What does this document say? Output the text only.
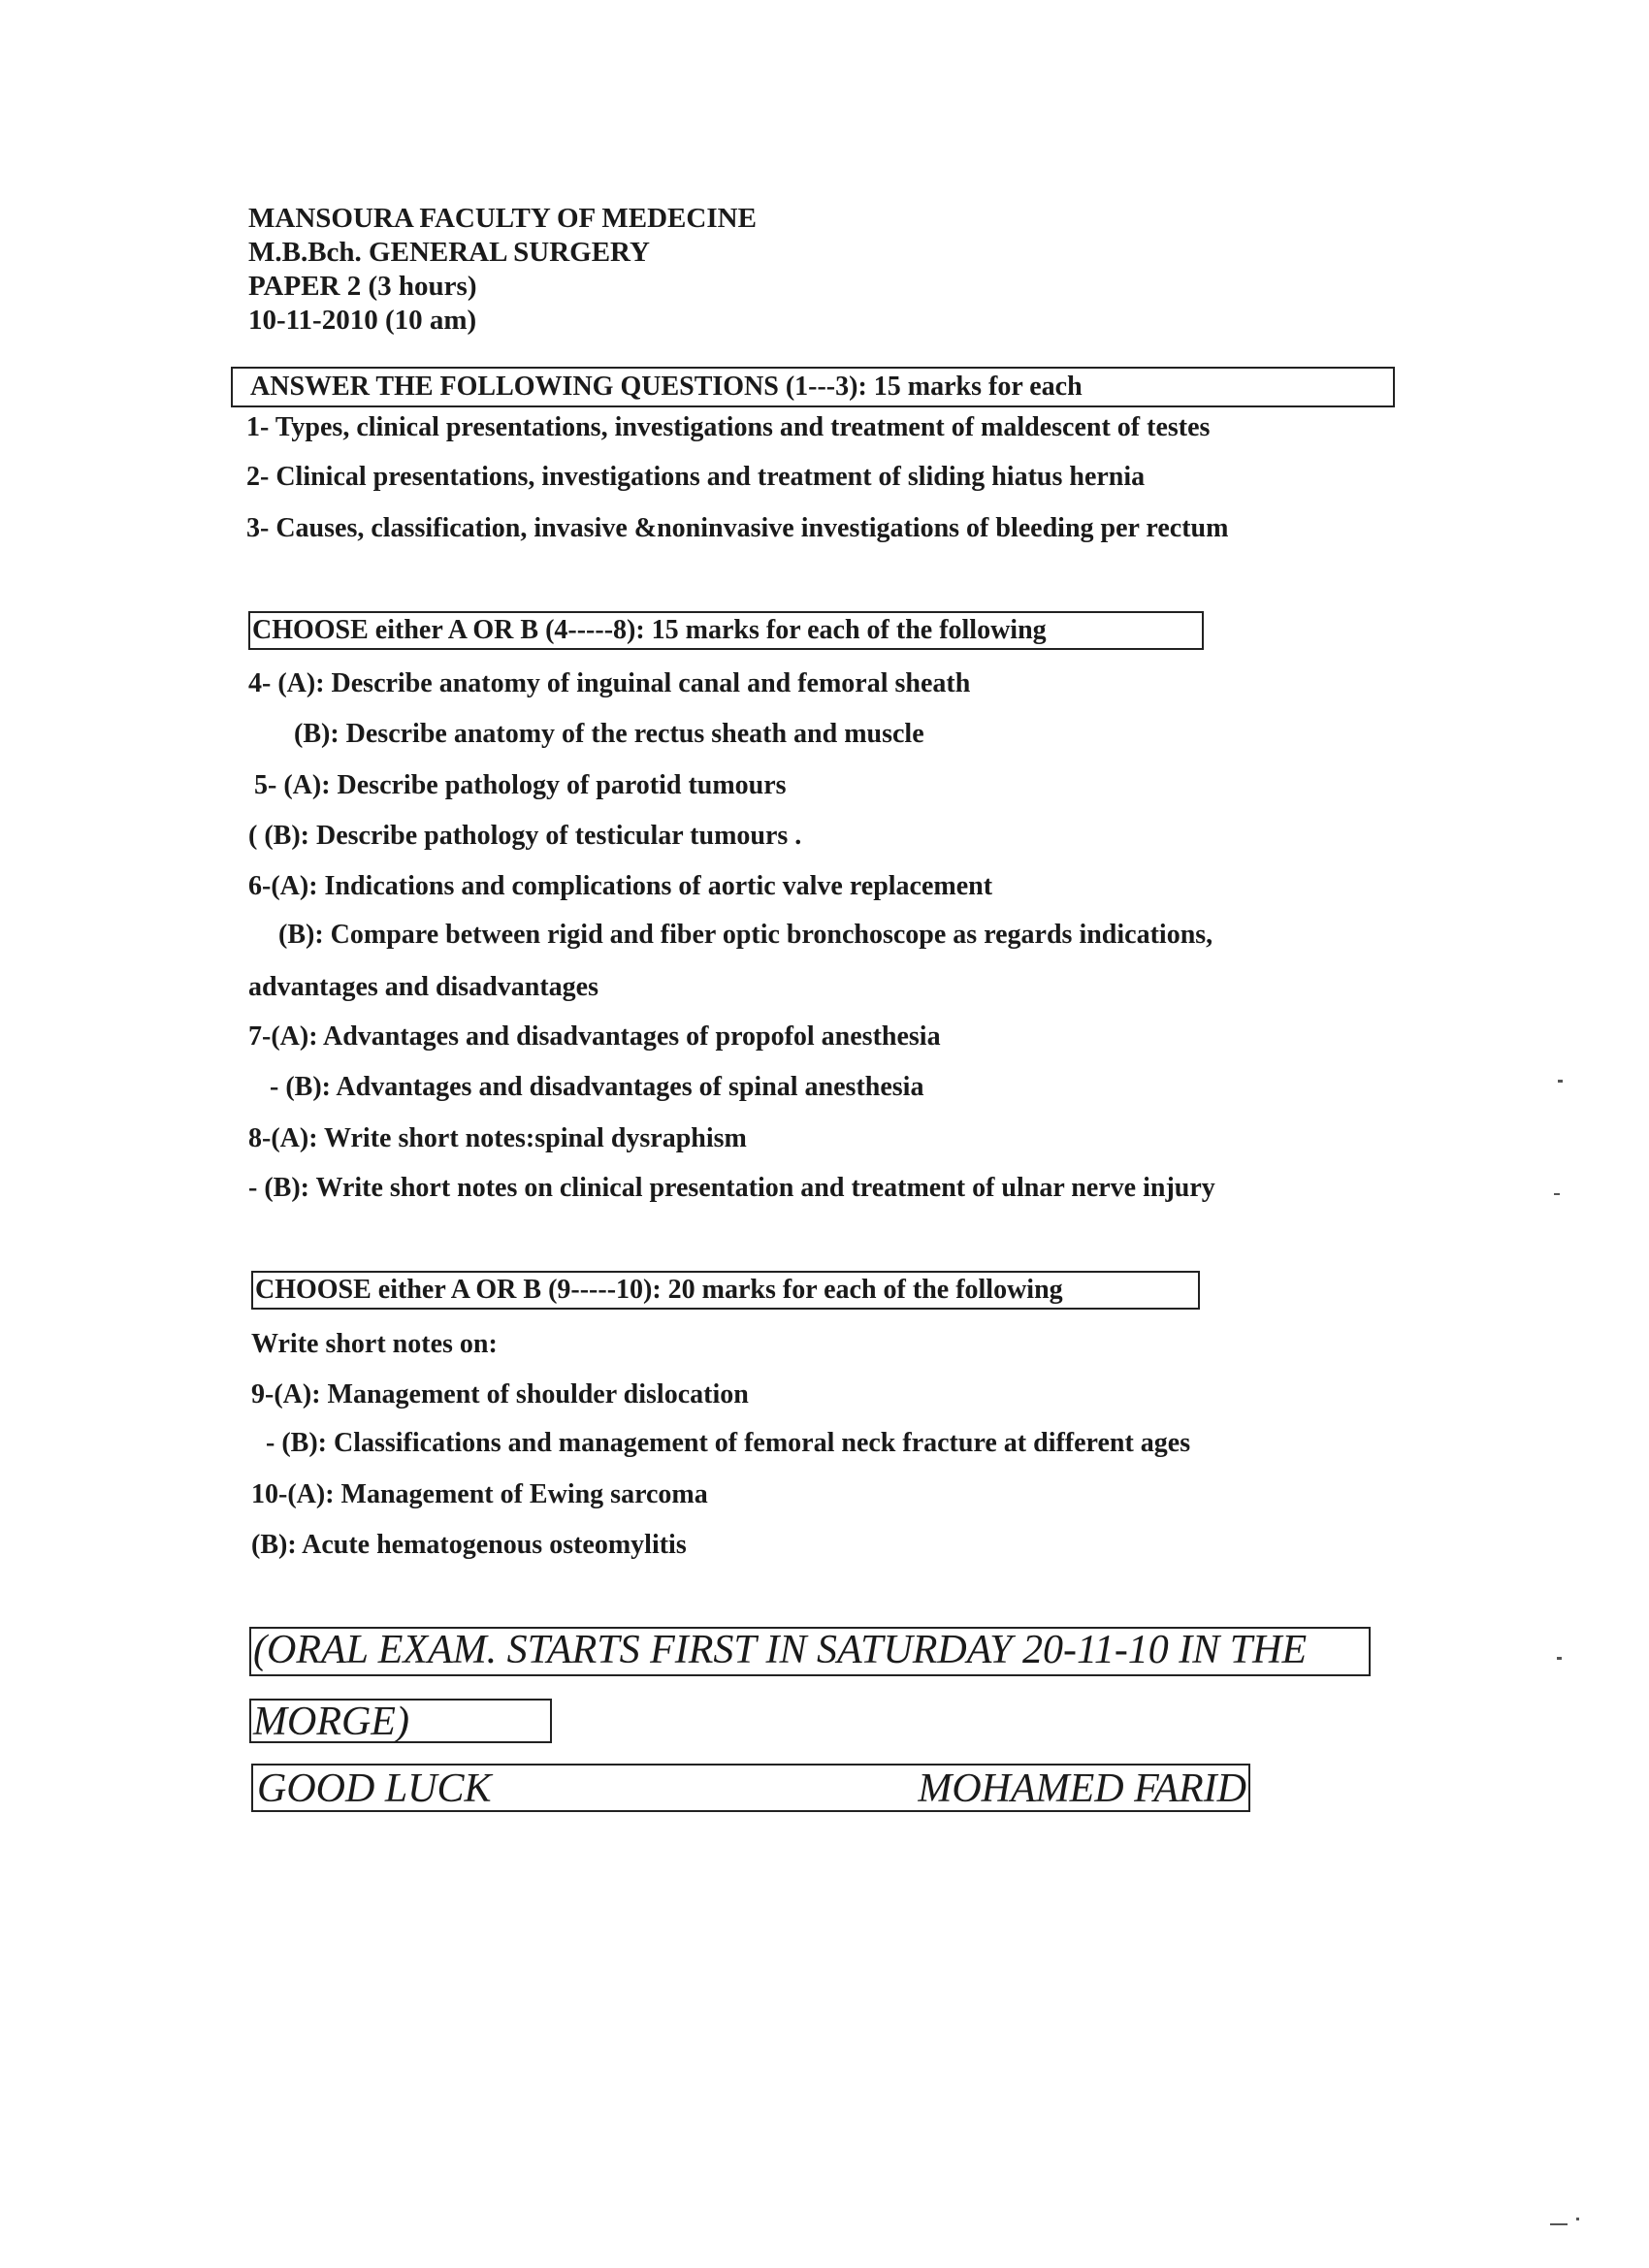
MANSOURA FACULTY OF MEDECINE
M.B.Bch. GENERAL SURGERY
PAPER 2 (3 hours)
10-11-2010 (10 am)
ANSWER THE FOLLOWING QUESTIONS (1---3): 15 marks for each
1- Types, clinical presentations, investigations and treatment of maldescent of testes
2- Clinical presentations, investigations and treatment of sliding hiatus hernia
3- Causes, classification, invasive &noninvasive investigations of bleeding per rectum
CHOOSE either A OR B (4-----8): 15 marks for each of the following
4- (A): Describe anatomy of inguinal canal and femoral sheath
(B): Describe anatomy of the rectus sheath and muscle
5- (A): Describe pathology of parotid tumours
( (B): Describe pathology of testicular tumours .
6-(A): Indications and complications of aortic valve replacement
(B): Compare between rigid and fiber optic bronchoscope as regards indications,
advantages and disadvantages
7-(A): Advantages and disadvantages of propofol anesthesia
- (B): Advantages and disadvantages of spinal anesthesia
8-(A): Write short notes:spinal dysraphism
- (B): Write short notes on clinical presentation and treatment of ulnar nerve injury
CHOOSE either A OR B (9-----10): 20 marks for each of the following
Write short notes on:
9-(A): Management of shoulder dislocation
- (B): Classifications and management of femoral neck fracture at different ages
10-(A): Management of Ewing sarcoma
(B): Acute hematogenous osteomylitis
(ORAL EXAM. STARTS FIRST IN SATURDAY 20-11-10 IN THE
MORGE)
GOOD LUCK	MOHAMED FARID
